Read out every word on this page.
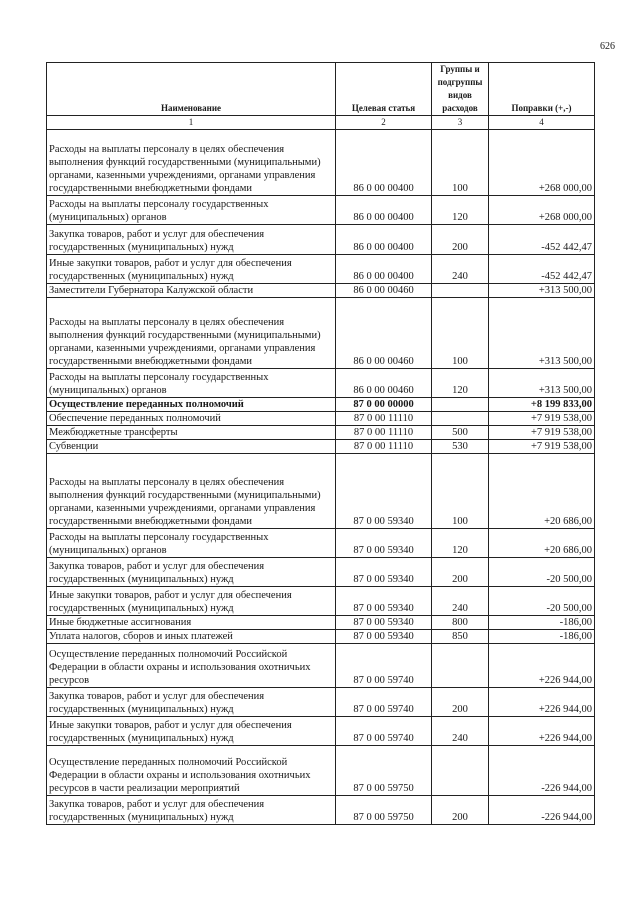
626
Наименование	Целевая статья	Группы и подгруппы видов расходов	Поправки (+,-)
1	2	3	4
Расходы на выплаты персоналу в целях обеспечения выполнения функций государственными (муниципальными) органами, казенными учреждениями, органами управления государственными внебюджетными фондами	86 0 00 00400	100	+268 000,00
Расходы на выплаты персоналу государственных (муниципальных) органов	86 0 00 00400	120	+268 000,00
Закупка товаров, работ и услуг для обеспечения государственных (муниципальных) нужд	86 0 00 00400	200	-452 442,47
Иные закупки товаров, работ и услуг для обеспечения государственных (муниципальных) нужд	86 0 00 00400	240	-452 442,47
Заместители Губернатора Калужской области	86 0 00 00460		+313 500,00
Расходы на выплаты персоналу в целях обеспечения выполнения функций государственными (муниципальными) органами, казенными учреждениями, органами управления государственными внебюджетными фондами	86 0 00 00460	100	+313 500,00
Расходы на выплаты персоналу государственных (муниципальных) органов	86 0 00 00460	120	+313 500,00
Осуществление переданных полномочий	87 0 00 00000		+8 199 833,00
Обеспечение переданных полномочий	87 0 00 11110		+7 919 538,00
Межбюджетные трансферты	87 0 00 11110	500	+7 919 538,00
Субвенции	87 0 00 11110	530	+7 919 538,00
Расходы на выплаты персоналу в целях обеспечения выполнения функций государственными (муниципальными) органами, казенными учреждениями, органами управления государственными внебюджетными фондами	87 0 00 59340	100	+20 686,00
Расходы на выплаты персоналу государственных (муниципальных) органов	87 0 00 59340	120	+20 686,00
Закупка товаров, работ и услуг для обеспечения государственных (муниципальных) нужд	87 0 00 59340	200	-20 500,00
Иные закупки товаров, работ и услуг для обеспечения государственных (муниципальных) нужд	87 0 00 59340	240	-20 500,00
Иные бюджетные ассигнования	87 0 00 59340	800	-186,00
Уплата налогов, сборов и иных платежей	87 0 00 59340	850	-186,00
Осуществление переданных полномочий Российской Федерации в области охраны и использования охотничьих ресурсов	87 0 00 59740		+226 944,00
Закупка товаров, работ и услуг для обеспечения государственных (муниципальных) нужд	87 0 00 59740	200	+226 944,00
Иные закупки товаров, работ и услуг для обеспечения государственных (муниципальных) нужд	87 0 00 59740	240	+226 944,00
Осуществление переданных полномочий Российской Федерации в области охраны и использования охотничьих ресурсов в части реализации мероприятий	87 0 00 59750		-226 944,00
Закупка товаров, работ и услуг для обеспечения государственных (муниципальных) нужд	87 0 00 59750	200	-226 944,00
